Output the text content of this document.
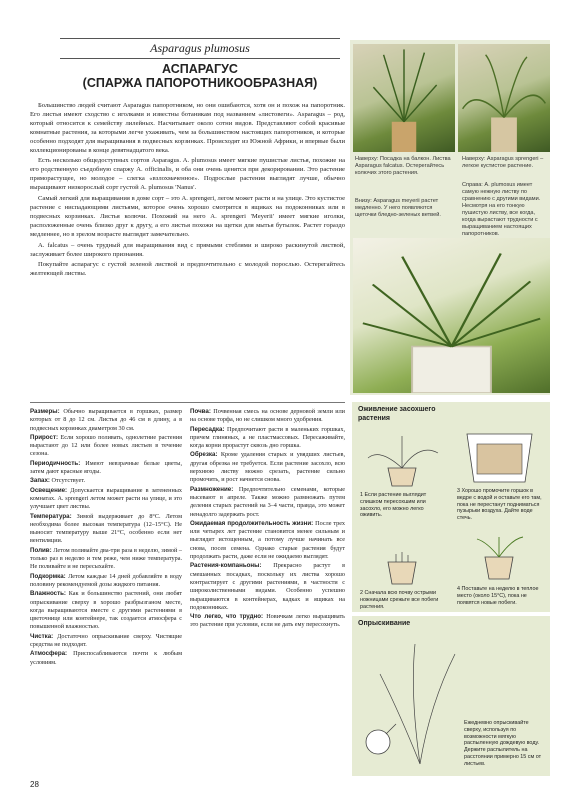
Asparagus plumosus
АСПАРАГУС
(СПАРЖА ПАПОРОТНИКООБРАЗНАЯ)

Большинство людей считают Asparagus папоротником, но они ошибаются, хотя он и похож на папоротник. Его листья имеют сходство с иголками и известны ботаникам под названием «листовеги». Asparagus – род, который относится к семейству лилейных. Насчитывает около сотни видов. Представляют собой красивые комнатные растения, за которыми легче ухаживать, чем за большинством настоящих папоротников, и которые особенно подходят для выращивания в подвесных корзинках. Происходят из Южной Африки, и впервые были коллекционированы в конце девятнадцатого века.

Есть несколько общедоступных сортов Asparagus. A. plumosus имеет мягкие пушистые листья, похожие на его родственную съедобную спаржу A. officinalis, и оба они очень ценятся при декорировании. Это растение пряморастущее, но молодое – слегка «взлохмаченное». Подрослые растения выглядят лучше, обычно выращивают низкорослый сорт густой A. plumosus 'Nanus'.

Самый легкий для выращивания в доме сорт – это A. sprengeri, легом может расти и на улице. Это кустистое растение с ниспадающими листьями, которое очень хорошо смотрится в ящиках на подоконниках или в подвесных корзинках. Листья колючи. Похожий на него A. sprengeri 'Meyerii' имеет мягкие иголки, расположенные очень близко друг к другу, а его листья похожи на щетки для мытья бутылок. Растет гораздо медленнее, но в зрелом возрасте выглядит замечательно.

A. falcatus – очень трудный для выращивания вид с прямыми стеблями и широко раскинутой листвой, заслуживает более широкого признания.

Покупайте аспарагус с густой зеленой листвой и предпочтительно с молодой порослью. Остерегайтесь желтеющей листвы.

Наверху: Посадка на балкон. Листва Asparagus falcatus. Остерегайтесь колючих этого растения.
Наверху: Asparagus sprengeri – легкое кустистое растение.
Внизу: Asparagus meyerii растет медленно. У него появляются щеточки бледно-зеленых ветвей.
Справа: A. plumosus имеет самую нежную листву по сравнению с другими видами. Несмотря на его тонкую пушистую листву, все когда, когда вырастают трудности с выращиванием настоящих папоротников.

Размеры: Обычно выращивается в горшках, размер которых от 8 до 12 см. Листья до 46 см в длину, а в подвесных корзинках диаметром 30 см.

Прирост: Если хорошо поливать, однолетние растения вырастают до 12 или более новых листьев в течение сезона.

Периодичность: Имеют невзрачные белые цветы, затем дают красные ягоды.

Запах: Отсутствует.

Освещение: Допускается выращивание в затененных комнатах. A. sprengeri летом может расти на улице, и это улучшает цвет листвы.

Температура: Зимой выдерживает до 8°С. Летом необходима более высокая температура (12–15°С). Не выносит температуру выше 21°С, особенно если нет вентиляции.

Полив: Летом поливайте два-три раза в неделю, зимой – только раз в неделю и тем реже, чем ниже температура. Не поливайте и не пересыхайте.

Подкормка: Летом каждые 14 дней добавляйте в воду половину рекомендуемой дозы жидкого питания.

Влажность: Как и большинство растений, они любят опрыскивание сверху в хорошо разбрызганом месте, когда выращиваются вместе с другими растениями в цветочнице или контейнере, так создается атмосфера с повышенной влажностью.

Чистка: Достаточно опрыскивание сверху. Чистящие средства не подходят.

Атмосфера: Приспосабливаются почти к любым условиям.

Почва: Почвенная смесь на основе дерновой земли или на основе торфа, но не слишком много удобрения.

Пересадка: Предпочитают расти в маленьких горшках, причем глиняных, а не пластмассовых. Пересаживайте, когда корни прорастут сквозь дно горшка.

Обрезка: Кроме удаления старых и увядших листьев, другая обрезка не требуется. Если растение засохло, всю верхнюю листву можно срезать, растение сильно промочить, и рост начнется снова.

Размножение: Предпочтительно семенами, которые высевают в апреле. Также можно размножать путем деления старых растений на 3–4 части, правда, это может ненадолго задержать рост.

Ожидаемая продолжительность жизни: После трех или четырех лет растение становится менее сильным и выглядит истощенным, а потому лучше начинать все снова, посев семена. Однако старые растения будут продолжать расти, даже если не ожидаемо выглядят.

Растения-компаньоны: Прекрасно растут в смешанных посадках, поскольку их листва хорошо контрастирует с другими растениями, в частности с широколиственными видами. Особенно успешно выращиваются в контейнерах, кадках и ящиках на подоконниках.

Что легко, что трудно: Новичкам легко выращивать это растение при условии, если не дать ему пересохнуть.

Оживление засохшего растения
1 Если растение выглядит слишком пересохшим или засохло, его можно легко оживить.
3 Хорошо промочите горшок в ведре с водой и оставьте его там, пока не перестанут подниматься пузырьки воздуха. Дайте воде стечь.
2 Сначала всю почву острыми ножницами срежьте все побеги растения.
4 Поставьте на неделю в теплое место (около 15°С), пока не появятся новые побеги.
Опрыскивание
Ежедневно опрыскивайте сверху, используя по возможности мягкую распыленную дождевую воду. Держите распылитель на расстоянии примерно 15 см от листьев.
28
